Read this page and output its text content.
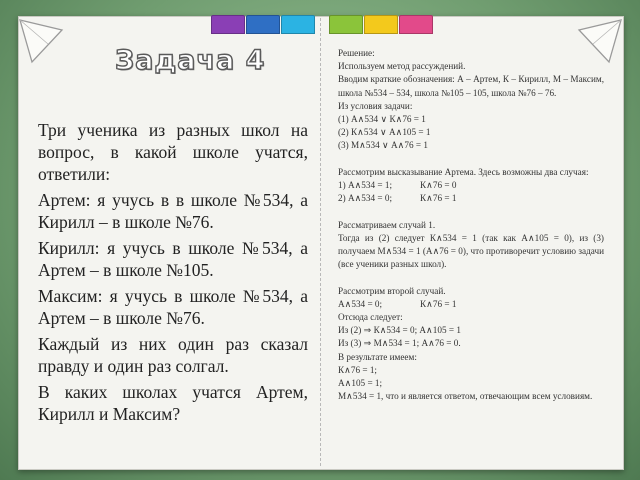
Задача 4

Три ученика из разных школ на вопрос, в какой школе учатся, ответили:

Артем: я учусь в в школе №534, а Кирилл – в школе №76.

Кирилл: я учусь в школе №534, а Артем – в школе №105.

Максим: я учусь в школе №534, а Артем – в школе №76.

Каждый из них один раз сказал правду и один раз солгал.

В каких школах учатся Артем, Кирилл и Максим?

Решение:
Используем метод рассуждений.
Вводим краткие обозначения: А – Артем, К – Кирилл, М – Максим, школа №534 – 534, школа №105 – 105, школа №76 – 76.
Из условия задачи:
(1) А∧534 ∨ К∧76 = 1
(2) К∧534 ∨ А∧105 = 1
(3) М∧534 ∨ А∧76 = 1
Рассмотрим высказывание Артема. Здесь возможны два случая:
1) А∧534 = 1;	К∧76 = 0
2) А∧534 = 0;	К∧76 = 1
Рассматриваем случай 1.
Тогда из (2) следует К∧534 = 1 (так как А∧105 = 0), из (3) получаем М∧534 = 1 (А∧76 = 0), что противоречит условию задачи (все ученики разных школ).
Рассмотрим второй случай.
А∧534 = 0;	К∧76 = 1
Отсюда следует:
Из (2) ⇒ К∧534 = 0; А∧105 = 1
Из (3) ⇒ М∧534 = 1; А∧76 = 0.
В результате имеем:
К∧76 = 1;
А∧105 = 1;
М∧534 = 1, что и является ответом, отвечающим всем условиям.
